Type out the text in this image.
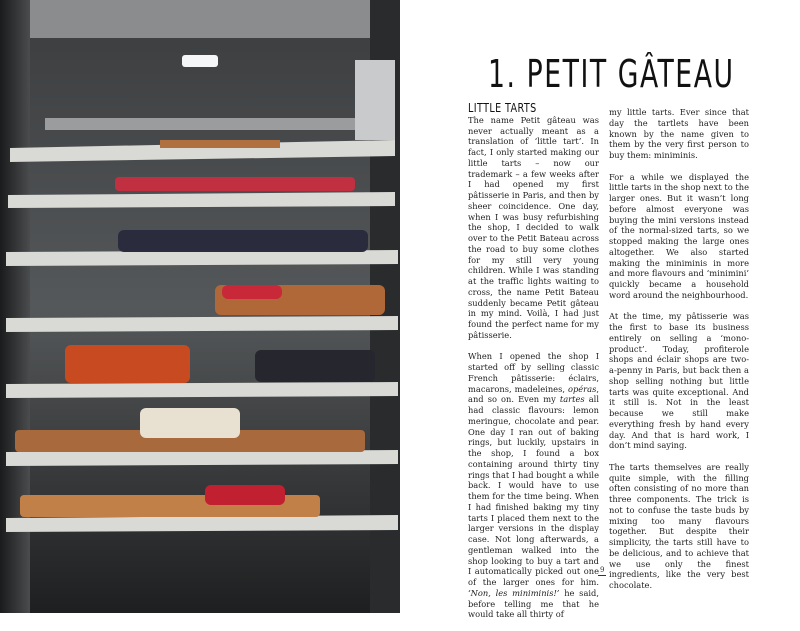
1. PETIT GÂTEAU
LITTLE TARTS

The name Petit gâteau was never actually meant as a translation of ‘little tart’. In fact, I only started making our little tarts – now our trademark – a few weeks after I had opened my first pâtisserie in Paris, and then by sheer coincidence. One day, when I was busy refurbishing the shop, I decided to walk over to the Petit Bateau across the road to buy some clothes for my still very young children. While I was standing at the traffic lights waiting to cross, the name Petit Bateau suddenly became Petit gâteau in my mind. Voilà, I had just found the perfect name for my pâtisserie.

When I opened the shop I started off by selling classic French pâtisserie: éclairs, macarons, madeleines, opéras, and so on. Even my tartes all had classic flavours: lemon meringue, chocolate and pear. One day I ran out of baking rings, but luckily, upstairs in the shop, I found a box containing around thirty tiny rings that I had bought a while back. I would have to use them for the time being. When I had finished baking my tiny tarts I placed them next to the larger versions in the display case. Not long afterwards, a gentleman walked into the shop looking to buy a tart and I automatically picked out one of the larger ones for him. ‘Non, les miniminis!’ he said, before telling me that he would take all thirty of

my little tarts. Ever since that day the tartlets have been known by the name given to them by the very first person to buy them: miniminis.

For a while we displayed the little tarts in the shop next to the larger ones. But it wasn’t long before almost everyone was buying the mini versions instead of the normal-sized tarts, so we stopped making the large ones altogether. We also started making the miniminis in more and more flavours and ‘minimini’ quickly became a household word around the neighbourhood.

At the time, my pâtisserie was the first to base its business entirely on selling a ‘mono-product’. Today, profiterole shops and éclair shops are two-a-penny in Paris, but back then a shop selling nothing but little tarts was quite exceptional. And it still is. Not in the least because we still make everything fresh by hand every day. And that is hard work, I don’t mind saying.

The tarts themselves are really quite simple, with the filling often consisting of no more than three components. The trick is not to confuse the taste buds by mixing too many flavours together. But despite their simplicity, the tarts still have to be delicious, and to achieve that we use only the finest ingredients, like the very best chocolate.

9
